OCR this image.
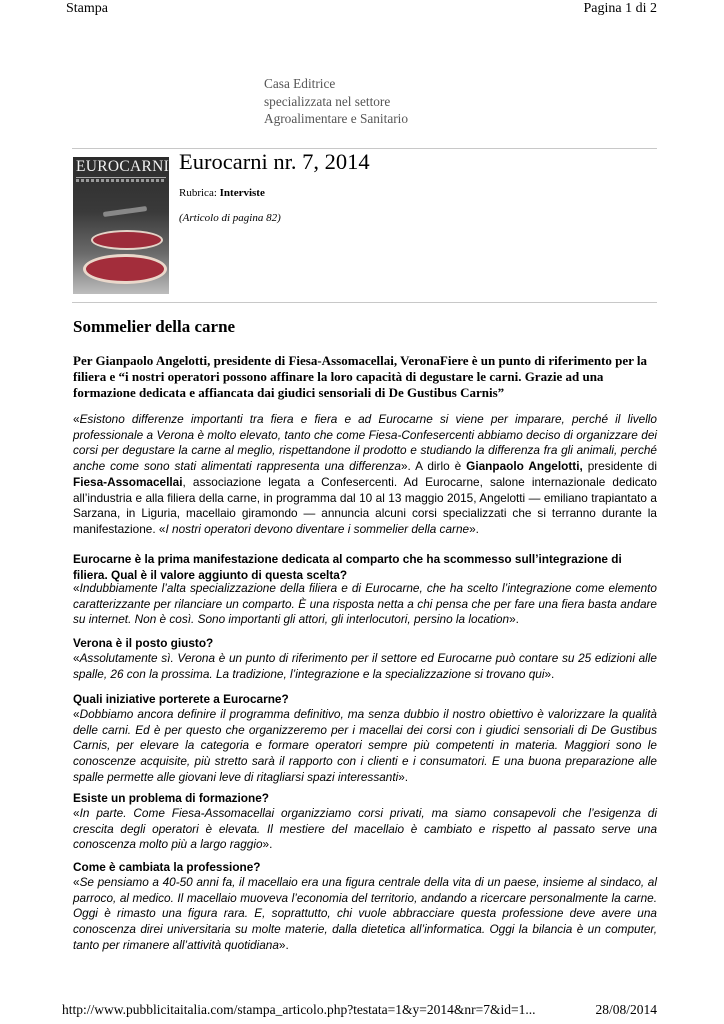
Stampa	Pagina 1 di 2
Casa Editrice
specializzata nel settore
Agroalimentare e Sanitario
EUROCARNI Eurocarni nr. 7, 2014
Rubrica: Interviste
(Articolo di pagina 82)
Sommelier della carne
Per Gianpaolo Angelotti, presidente di Fiesa-Assomacellai, VeronaFiere è un punto di riferimento per la filiera e “i nostri operatori possono affinare la loro capacità di degustare le carni. Grazie ad una formazione dedicata e affiancata dai giudici sensoriali di De Gustibus Carnis”
«Esistono differenze importanti tra fiera e fiera e ad Eurocarne si viene per imparare, perché il livello professionale a Verona è molto elevato, tanto che come Fiesa-Confesercenti abbiamo deciso di organizzare dei corsi per degustare la carne al meglio, rispettandone il prodotto e studiando la differenza fra gli animali, perché anche come sono stati alimentati rappresenta una differenza». A dirlo è Gianpaolo Angelotti, presidente di Fiesa-Assomacellai, associazione legata a Confesercenti. Ad Eurocarne, salone internazionale dedicato all’industria e alla filiera della carne, in programma dal 10 al 13 maggio 2015, Angelotti — emiliano trapiantato a Sarzana, in Liguria, macellaio giramondo — annuncia alcuni corsi specializzati che si terranno durante la manifestazione. «I nostri operatori devono diventare i sommelier della carne».
Eurocarne è la prima manifestazione dedicata al comparto che ha scommesso sull’integrazione di filiera. Qual è il valore aggiunto di questa scelta?
«Indubbiamente l’alta specializzazione della filiera e di Eurocarne, che ha scelto l’integrazione come elemento caratterizzante per rilanciare un comparto. È una risposta netta a chi pensa che per fare una fiera basta andare su internet. Non è così. Sono importanti gli attori, gli interlocutori, persino la location».
Verona è il posto giusto?
«Assolutamente sì. Verona è un punto di riferimento per il settore ed Eurocarne può contare su 25 edizioni alle spalle, 26 con la prossima. La tradizione, l’integrazione e la specializzazione si trovano qui».
Quali iniziative porterete a Eurocarne?
«Dobbiamo ancora definire il programma definitivo, ma senza dubbio il nostro obiettivo è valorizzare la qualità delle carni. Ed è per questo che organizzeremo per i macellai dei corsi con i giudici sensoriali di De Gustibus Carnis, per elevare la categoria e formare operatori sempre più competenti in materia. Maggiori sono le conoscenze acquisite, più stretto sarà il rapporto con i clienti e i consumatori. E una buona preparazione alle spalle permette alle giovani leve di ritagliarsi spazi interessanti».
Esiste un problema di formazione?
«In parte. Come Fiesa-Assomacellai organizziamo corsi privati, ma siamo consapevoli che l’esigenza di crescita degli operatori è elevata. Il mestiere del macellaio è cambiato e rispetto al passato serve una conoscenza molto più a largo raggio».
Come è cambiata la professione?
«Se pensiamo a 40-50 anni fa, il macellaio era una figura centrale della vita di un paese, insieme al sindaco, al parroco, al medico. Il macellaio muoveva l’economia del territorio, andando a ricercare personalmente la carne. Oggi è rimasto una figura rara. E, soprattutto, chi vuole abbracciare questa professione deve avere una conoscenza direi universitaria su molte materie, dalla dietetica all’informatica. Oggi la bilancia è un computer, tanto per rimanere all’attività quotidiana».
http://www.pubblicitaitalia.com/stampa_articolo.php?testata=1&y=2014&nr=7&id=1...	28/08/2014
